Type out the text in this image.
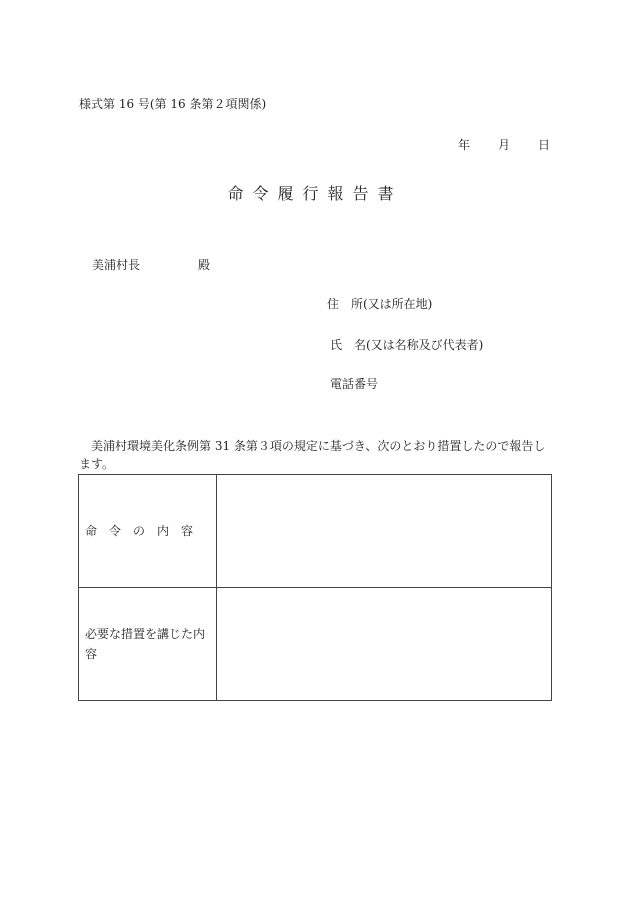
様式第 16 号(第 16 条第２項関係)
年 月 日
命令履行報告書
美浦村長	殿
住　所(又は所在地)
氏　名(又は名称及び代表者)
電話番号
美浦村環境美化条例第 31 条第３項の規定に基づき、次のとおり措置したので報告します。
命令の内容	
必要な措置を講じた内容	
